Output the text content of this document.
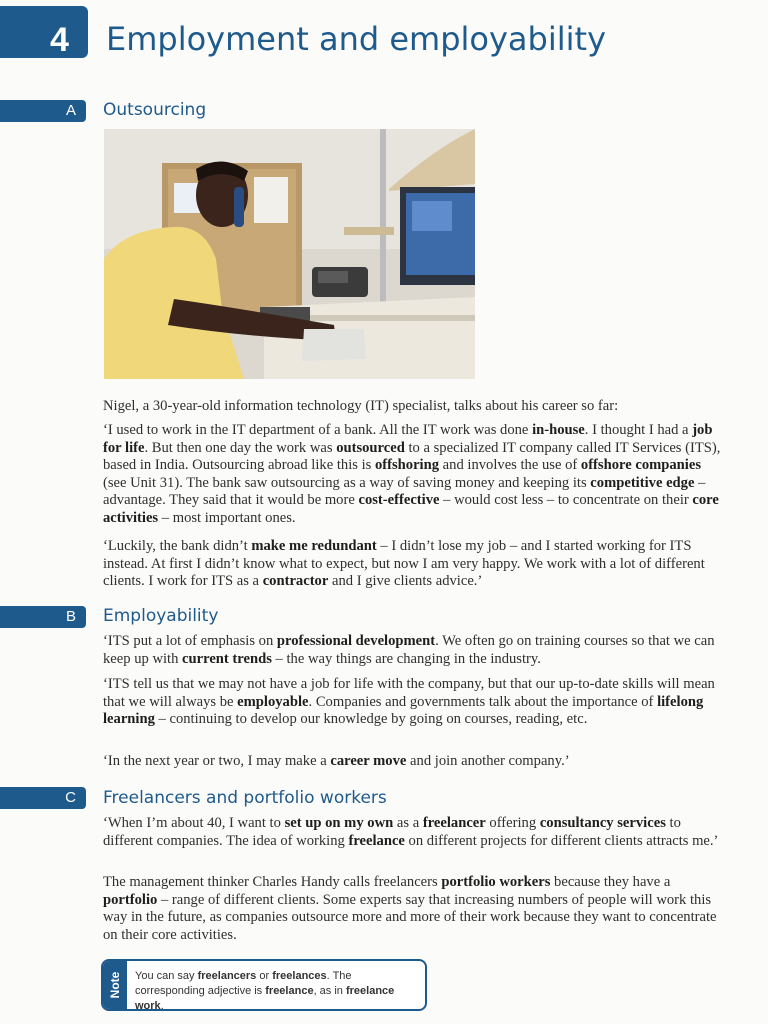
4 Employment and employability
A Outsourcing

Nigel, a 30-year-old information technology (IT) specialist, talks about his career so far:

‘I used to work in the IT department of a bank. All the IT work was done in-house. I thought I had a job for life. But then one day the work was outsourced to a specialized IT company called IT Services (ITS), based in India. Outsourcing abroad like this is offshoring and involves the use of offshore companies (see Unit 31). The bank saw outsourcing as a way of saving money and keeping its competitive edge – advantage. They said that it would be more cost-effective – would cost less – to concentrate on their core activities – most important ones.

‘Luckily, the bank didn’t make me redundant – I didn’t lose my job – and I started working for ITS instead. At first I didn’t know what to expect, but now I am very happy. We work with a lot of different clients. I work for ITS as a contractor and I give clients advice.’

B Employability

‘ITS put a lot of emphasis on professional development. We often go on training courses so that we can keep up with current trends – the way things are changing in the industry.

‘ITS tell us that we may not have a job for life with the company, but that our up-to-date skills will mean that we will always be employable. Companies and governments talk about the importance of lifelong learning – continuing to develop our knowledge by going on courses, reading, etc.

‘In the next year or two, I may make a career move and join another company.’

C Freelancers and portfolio workers

‘When I’m about 40, I want to set up on my own as a freelancer offering consultancy services to different companies. The idea of working freelance on different projects for different clients attracts me.’

The management thinker Charles Handy calls freelancers portfolio workers because they have a portfolio – range of different clients. Some experts say that increasing numbers of people will work this way in the future, as companies outsource more and more of their work because they want to concentrate on their core activities.

Note You can say freelancers or freelances. The corresponding adjective is freelance, as in freelance work.
